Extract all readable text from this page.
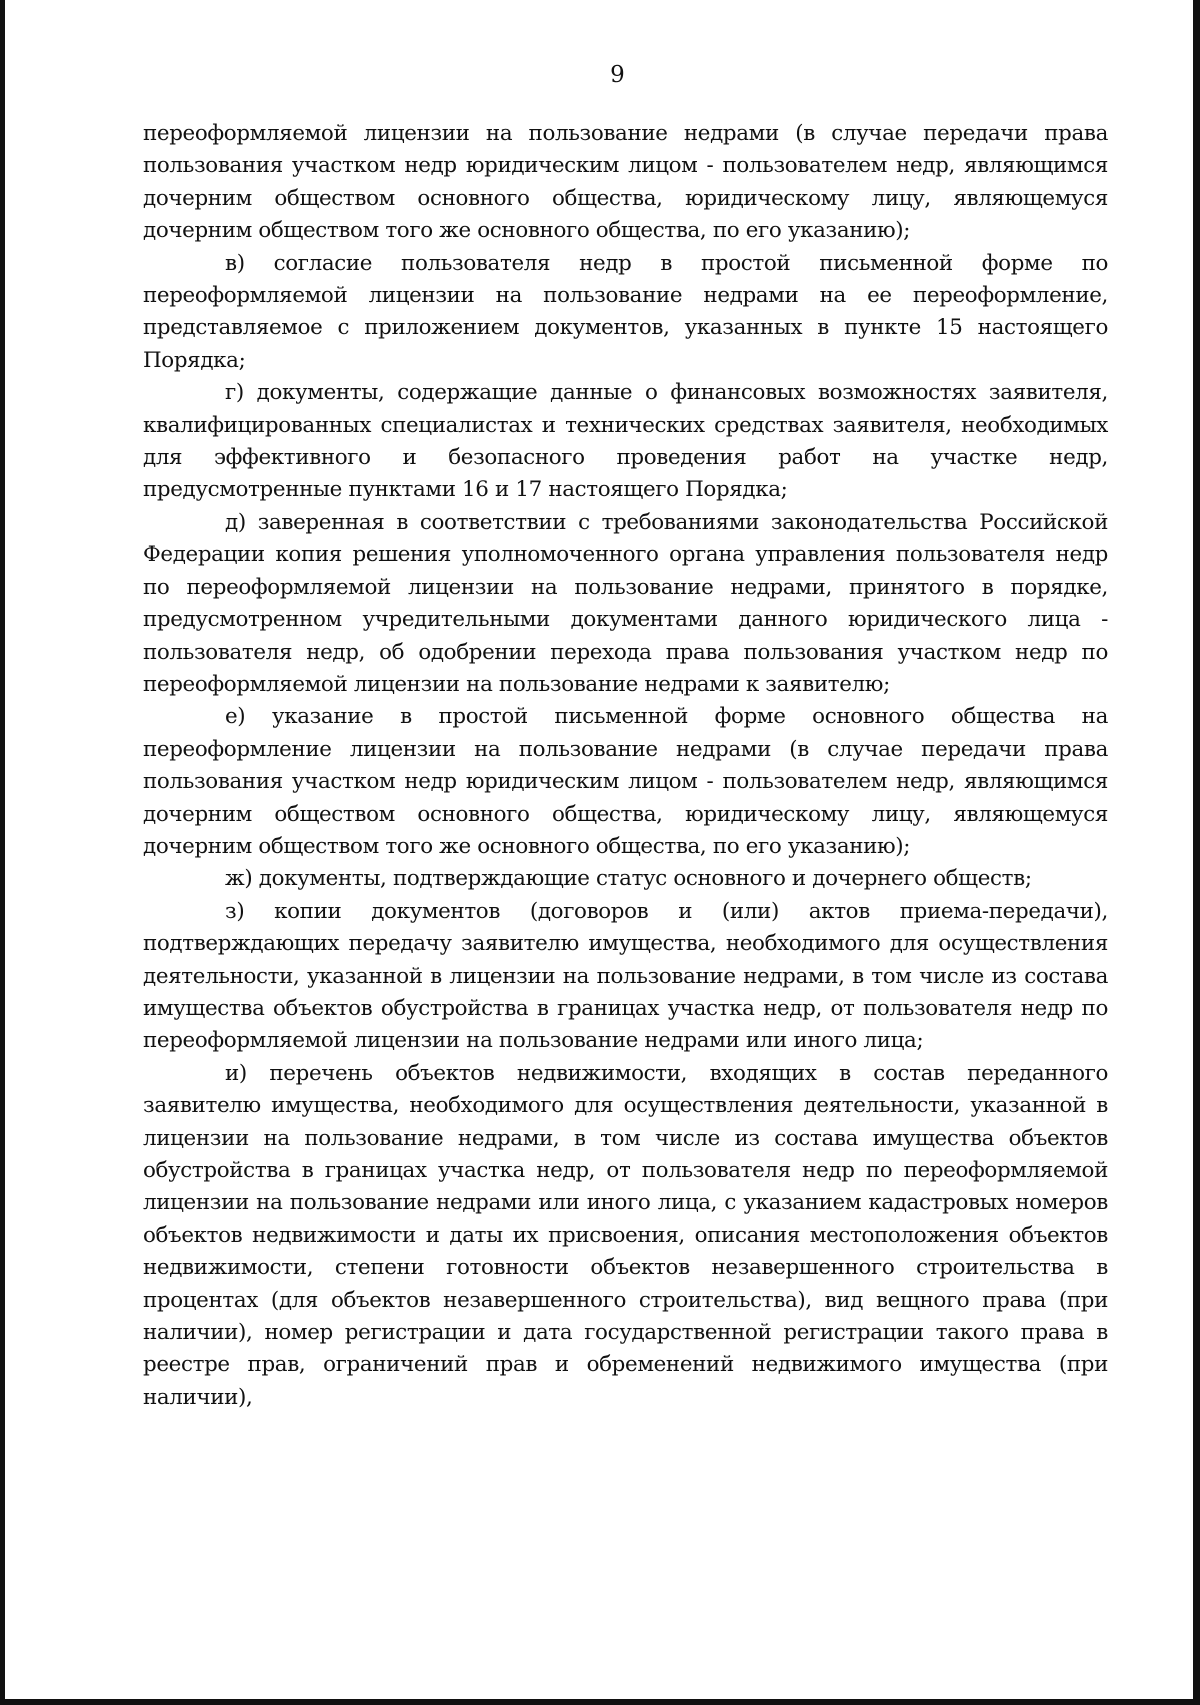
9

переоформляемой лицензии на пользование недрами (в случае передачи права пользования участком недр юридическим лицом - пользователем недр, являющимся дочерним обществом основного общества, юридическому лицу, являющемуся дочерним обществом того же основного общества, по его указанию);

в) согласие пользователя недр в простой письменной форме по переоформляемой лицензии на пользование недрами на ее переоформление, представляемое с приложением документов, указанных в пункте 15 настоящего Порядка;

г) документы, содержащие данные о финансовых возможностях заявителя, квалифицированных специалистах и технических средствах заявителя, необходимых для эффективного и безопасного проведения работ на участке недр, предусмотренные пунктами 16 и 17 настоящего Порядка;

д) заверенная в соответствии с требованиями законодательства Российской Федерации копия решения уполномоченного органа управления пользователя недр по переоформляемой лицензии на пользование недрами, принятого в порядке, предусмотренном учредительными документами данного юридического лица - пользователя недр, об одобрении перехода права пользования участком недр по переоформляемой лицензии на пользование недрами к заявителю;

е) указание в простой письменной форме основного общества на переоформление лицензии на пользование недрами (в случае передачи права пользования участком недр юридическим лицом - пользователем недр, являющимся дочерним обществом основного общества, юридическому лицу, являющемуся дочерним обществом того же основного общества, по его указанию);

ж) документы, подтверждающие статус основного и дочернего обществ;

з) копии документов (договоров и (или) актов приема-передачи), подтверждающих передачу заявителю имущества, необходимого для осуществления деятельности, указанной в лицензии на пользование недрами, в том числе из состава имущества объектов обустройства в границах участка недр, от пользователя недр по переоформляемой лицензии на пользование недрами или иного лица;

и) перечень объектов недвижимости, входящих в состав переданного заявителю имущества, необходимого для осуществления деятельности, указанной в лицензии на пользование недрами, в том числе из состава имущества объектов обустройства в границах участка недр, от пользователя недр по переоформляемой лицензии на пользование недрами или иного лица, с указанием кадастровых номеров объектов недвижимости и даты их присвоения, описания местоположения объектов недвижимости, степени готовности объектов незавершенного строительства в процентах (для объектов незавершенного строительства), вид вещного права (при наличии), номер регистрации и дата государственной регистрации такого права в реестре прав, ограничений прав и обременений недвижимого имущества (при наличии),
